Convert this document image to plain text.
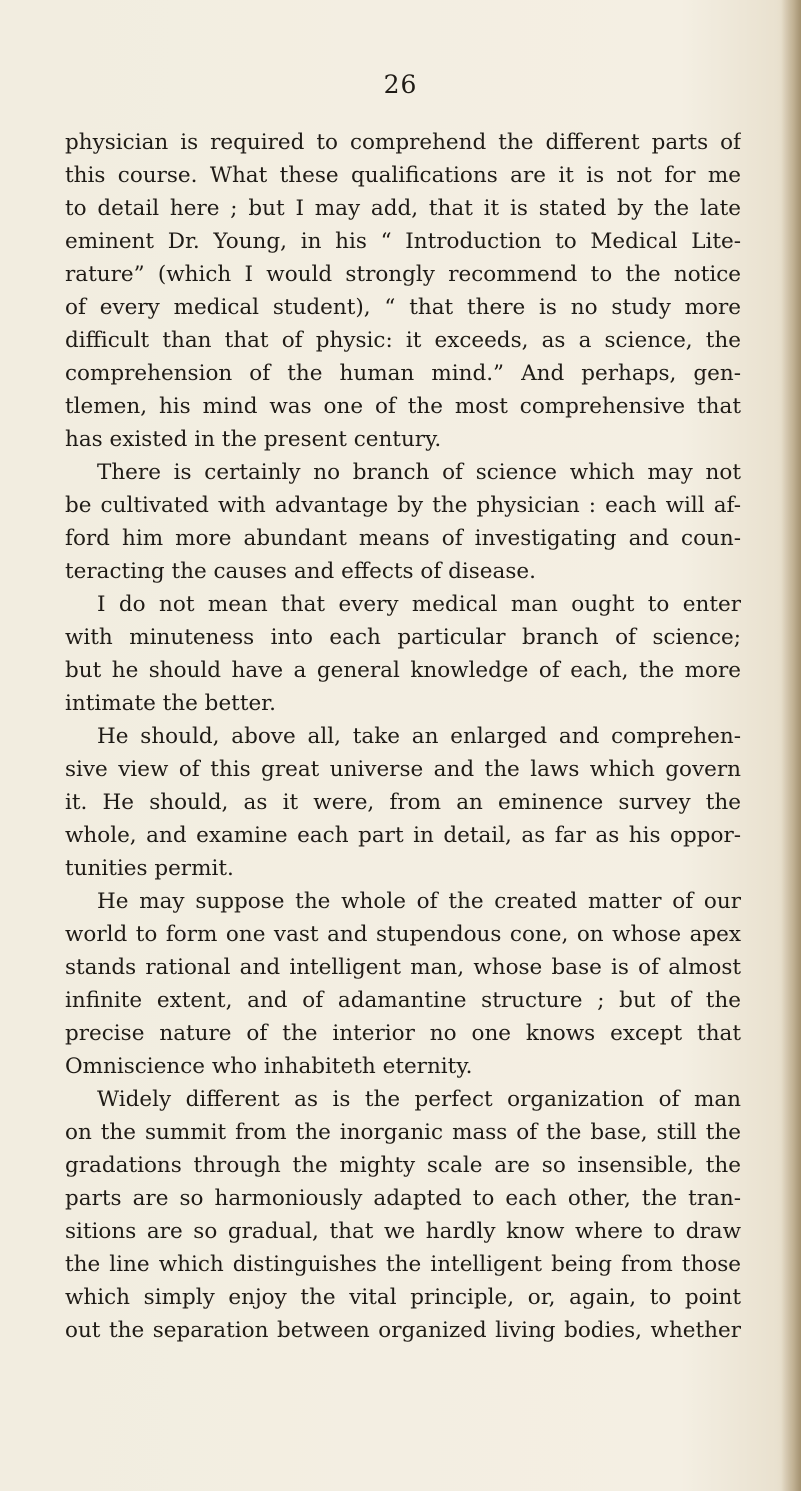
26
physician is required to comprehend the different parts of
this course. What these qualifications are it is not for me
to detail here ; but I may add, that it is stated by the late
eminent Dr. Young, in his “ Introduction to Medical Lite-
rature” (which I would strongly recommend to the notice
of every medical student), “ that there is no study more
difficult than that of physic: it exceeds, as a science, the
comprehension of the human mind.” And perhaps, gen-
tlemen, his mind was one of the most comprehensive that
has existed in the present century.
There is certainly no branch of science which may not
be cultivated with advantage by the physician : each will af-
ford him more abundant means of investigating and coun-
teracting the causes and effects of disease.
I do not mean that every medical man ought to enter
with minuteness into each particular branch of science;
but he should have a general knowledge of each, the more
intimate the better.
He should, above all, take an enlarged and comprehen-
sive view of this great universe and the laws which govern
it. He should, as it were, from an eminence survey the
whole, and examine each part in detail, as far as his oppor-
tunities permit.
He may suppose the whole of the created matter of our
world to form one vast and stupendous cone, on whose apex
stands rational and intelligent man, whose base is of almost
infinite extent, and of adamantine structure ; but of the
precise nature of the interior no one knows except that
Omniscience who inhabiteth eternity.
Widely different as is the perfect organization of man
on the summit from the inorganic mass of the base, still the
gradations through the mighty scale are so insensible, the
parts are so harmoniously adapted to each other, the tran-
sitions are so gradual, that we hardly know where to draw
the line which distinguishes the intelligent being from those
which simply enjoy the vital principle, or, again, to point
out the separation between organized living bodies, whether
